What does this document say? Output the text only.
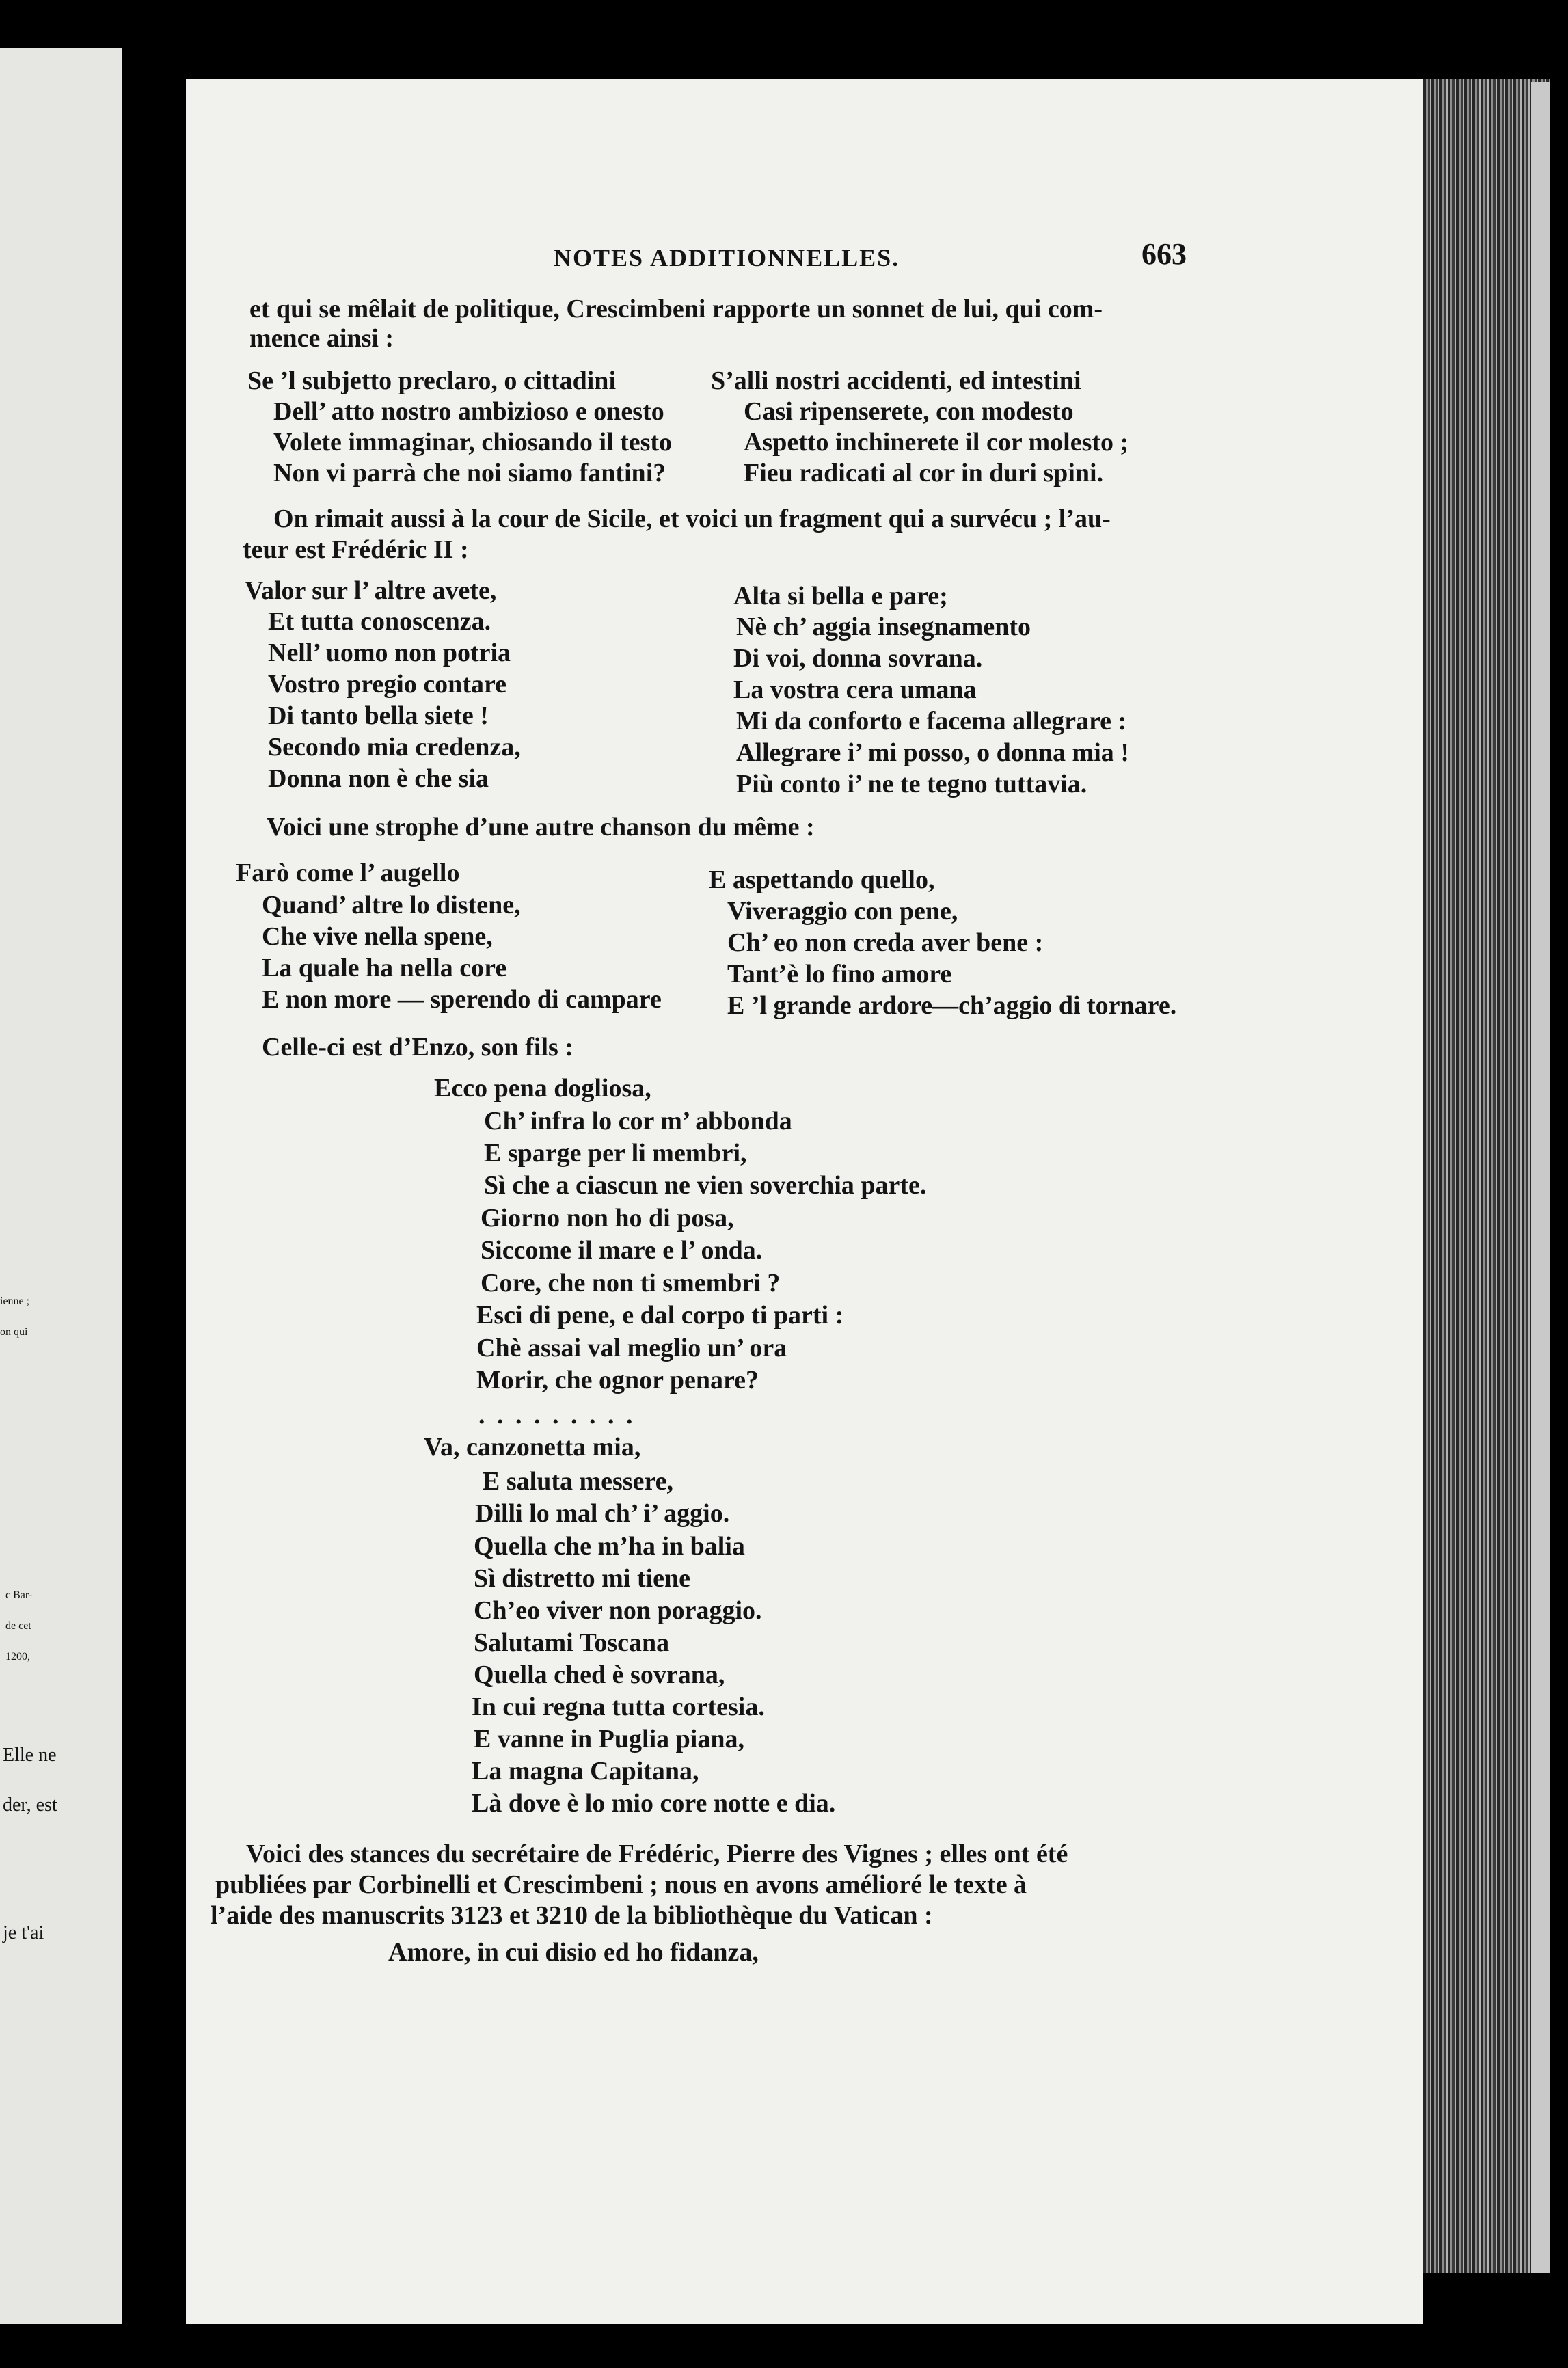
ienne ;
on qui
c Bar-
de cet
1200,
Elle ne
der, est
je t'ai
NOTES ADDITIONNELLES.	663
et qui se mêlait de politique, Crescimbeni rapporte un sonnet de lui, qui com-
mence ainsi :
Se ’l subjetto preclaro, o cittadini
Dell’ atto nostro ambizioso e onesto
Volete immaginar, chiosando il testo
Non vi parrà che noi siamo fantini?
S’alli nostri accidenti, ed intestini
Casi ripenserete, con modesto
Aspetto inchinerete il cor molesto ;
Fieu radicati al cor in duri spini.
On rimait aussi à la cour de Sicile, et voici un fragment qui a survécu ; l’au-
teur est Frédéric II :
Valor sur l’ altre avete,
Et tutta conoscenza.
Nell’ uomo non potria
Vostro pregio contare
Di tanto bella siete !
Secondo mia credenza,
Donna non è che sia
Alta si bella e pare;
Nè ch’ aggia insegnamento
Di voi, donna sovrana.
La vostra cera umana
Mi da conforto e facema allegrare :
Allegrare i’ mi posso, o donna mia !
Più conto i’ ne te tegno tuttavia.
Voici une strophe d’une autre chanson du même :
Farò come l’ augello
Quand’ altre lo distene,
Che vive nella spene,
La quale ha nella core
E non more — sperendo di campare
E aspettando quello,
Viveraggio con pene,
Ch’ eo non creda aver bene :
Tant’è lo fino amore
E ’l grande ardore—ch’aggio di tornare.
Celle-ci est d’Enzo, son fils :
Ecco pena dogliosa,
Ch’ infra lo cor m’ abbonda
E sparge per li membri,
Sì che a ciascun ne vien soverchia parte.
Giorno non ho di posa,
Siccome il mare e l’ onda.
Core, che non ti smembri ?
Esci di pene, e dal corpo ti parti :
Chè assai val meglio un’ ora
Morir, che ognor penare?
. . . . . . . . .
Va, canzonetta mia,
E saluta messere,
Dilli lo mal ch’ i’ aggio.
Quella che m’ha in balia
Sì distretto mi tiene
Ch’eo viver non poraggio.
Salutami Toscana
Quella ched è sovrana,
In cui regna tutta cortesia.
E vanne in Puglia piana,
La magna Capitana,
Là dove è lo mio core notte e dia.
Voici des stances du secrétaire de Frédéric, Pierre des Vignes ; elles ont été
publiées par Corbinelli et Crescimbeni ; nous en avons amélioré le texte à
l’aide des manuscrits 3123 et 3210 de la bibliothèque du Vatican :
Amore, in cui disio ed ho fidanza,
